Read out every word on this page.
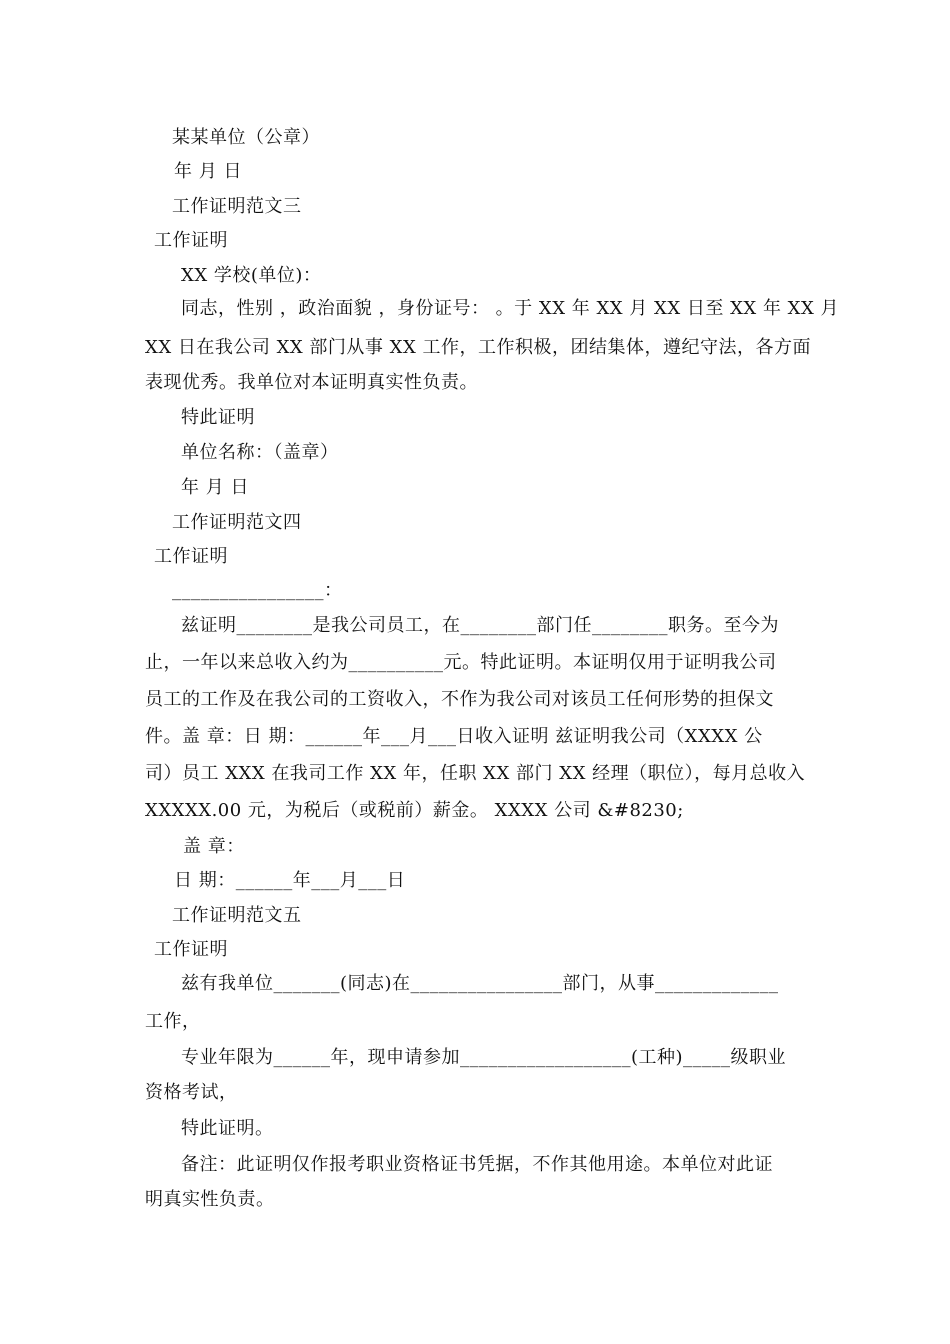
某某单位（公章）
年 月 日
工作证明范文三
工作证明
XX 学校(单位)：
同志，性别 ，政治面貌 ，身份证号： 。于 XX 年 XX 月 XX 日至 XX 年 XX 月
XX 日在我公司 XX 部门从事 XX 工作，工作积极，团结集体，遵纪守法，各方面
表现优秀。我单位对本证明真实性负责。
特此证明
单位名称：（盖章）
年 月 日
工作证明范文四
工作证明
________________：
兹证明________是我公司员工，在________部门任________职务。至今为
止，一年以来总收入约为__________元。特此证明。本证明仅用于证明我公司
员工的工作及在我公司的工资收入，不作为我公司对该员工任何形势的担保文
件。盖 章：日 期：______年___月___日收入证明 兹证明我公司（XXXX 公
司）员工 XXX 在我司工作 XX 年，任职 XX 部门 XX 经理（职位），每月总收入
XXXXX.00 元，为税后（或税前）薪金。 XXXX 公司 &#8230;
盖 章：
日 期：______年___月___日
工作证明范文五
工作证明
兹有我单位_______(同志)在________________部门，从事_____________
工作，
专业年限为______年，现申请参加__________________(工种)_____级职业
资格考试，
特此证明。
备注：此证明仅作报考职业资格证书凭据，不作其他用途。本单位对此证
明真实性负责。
